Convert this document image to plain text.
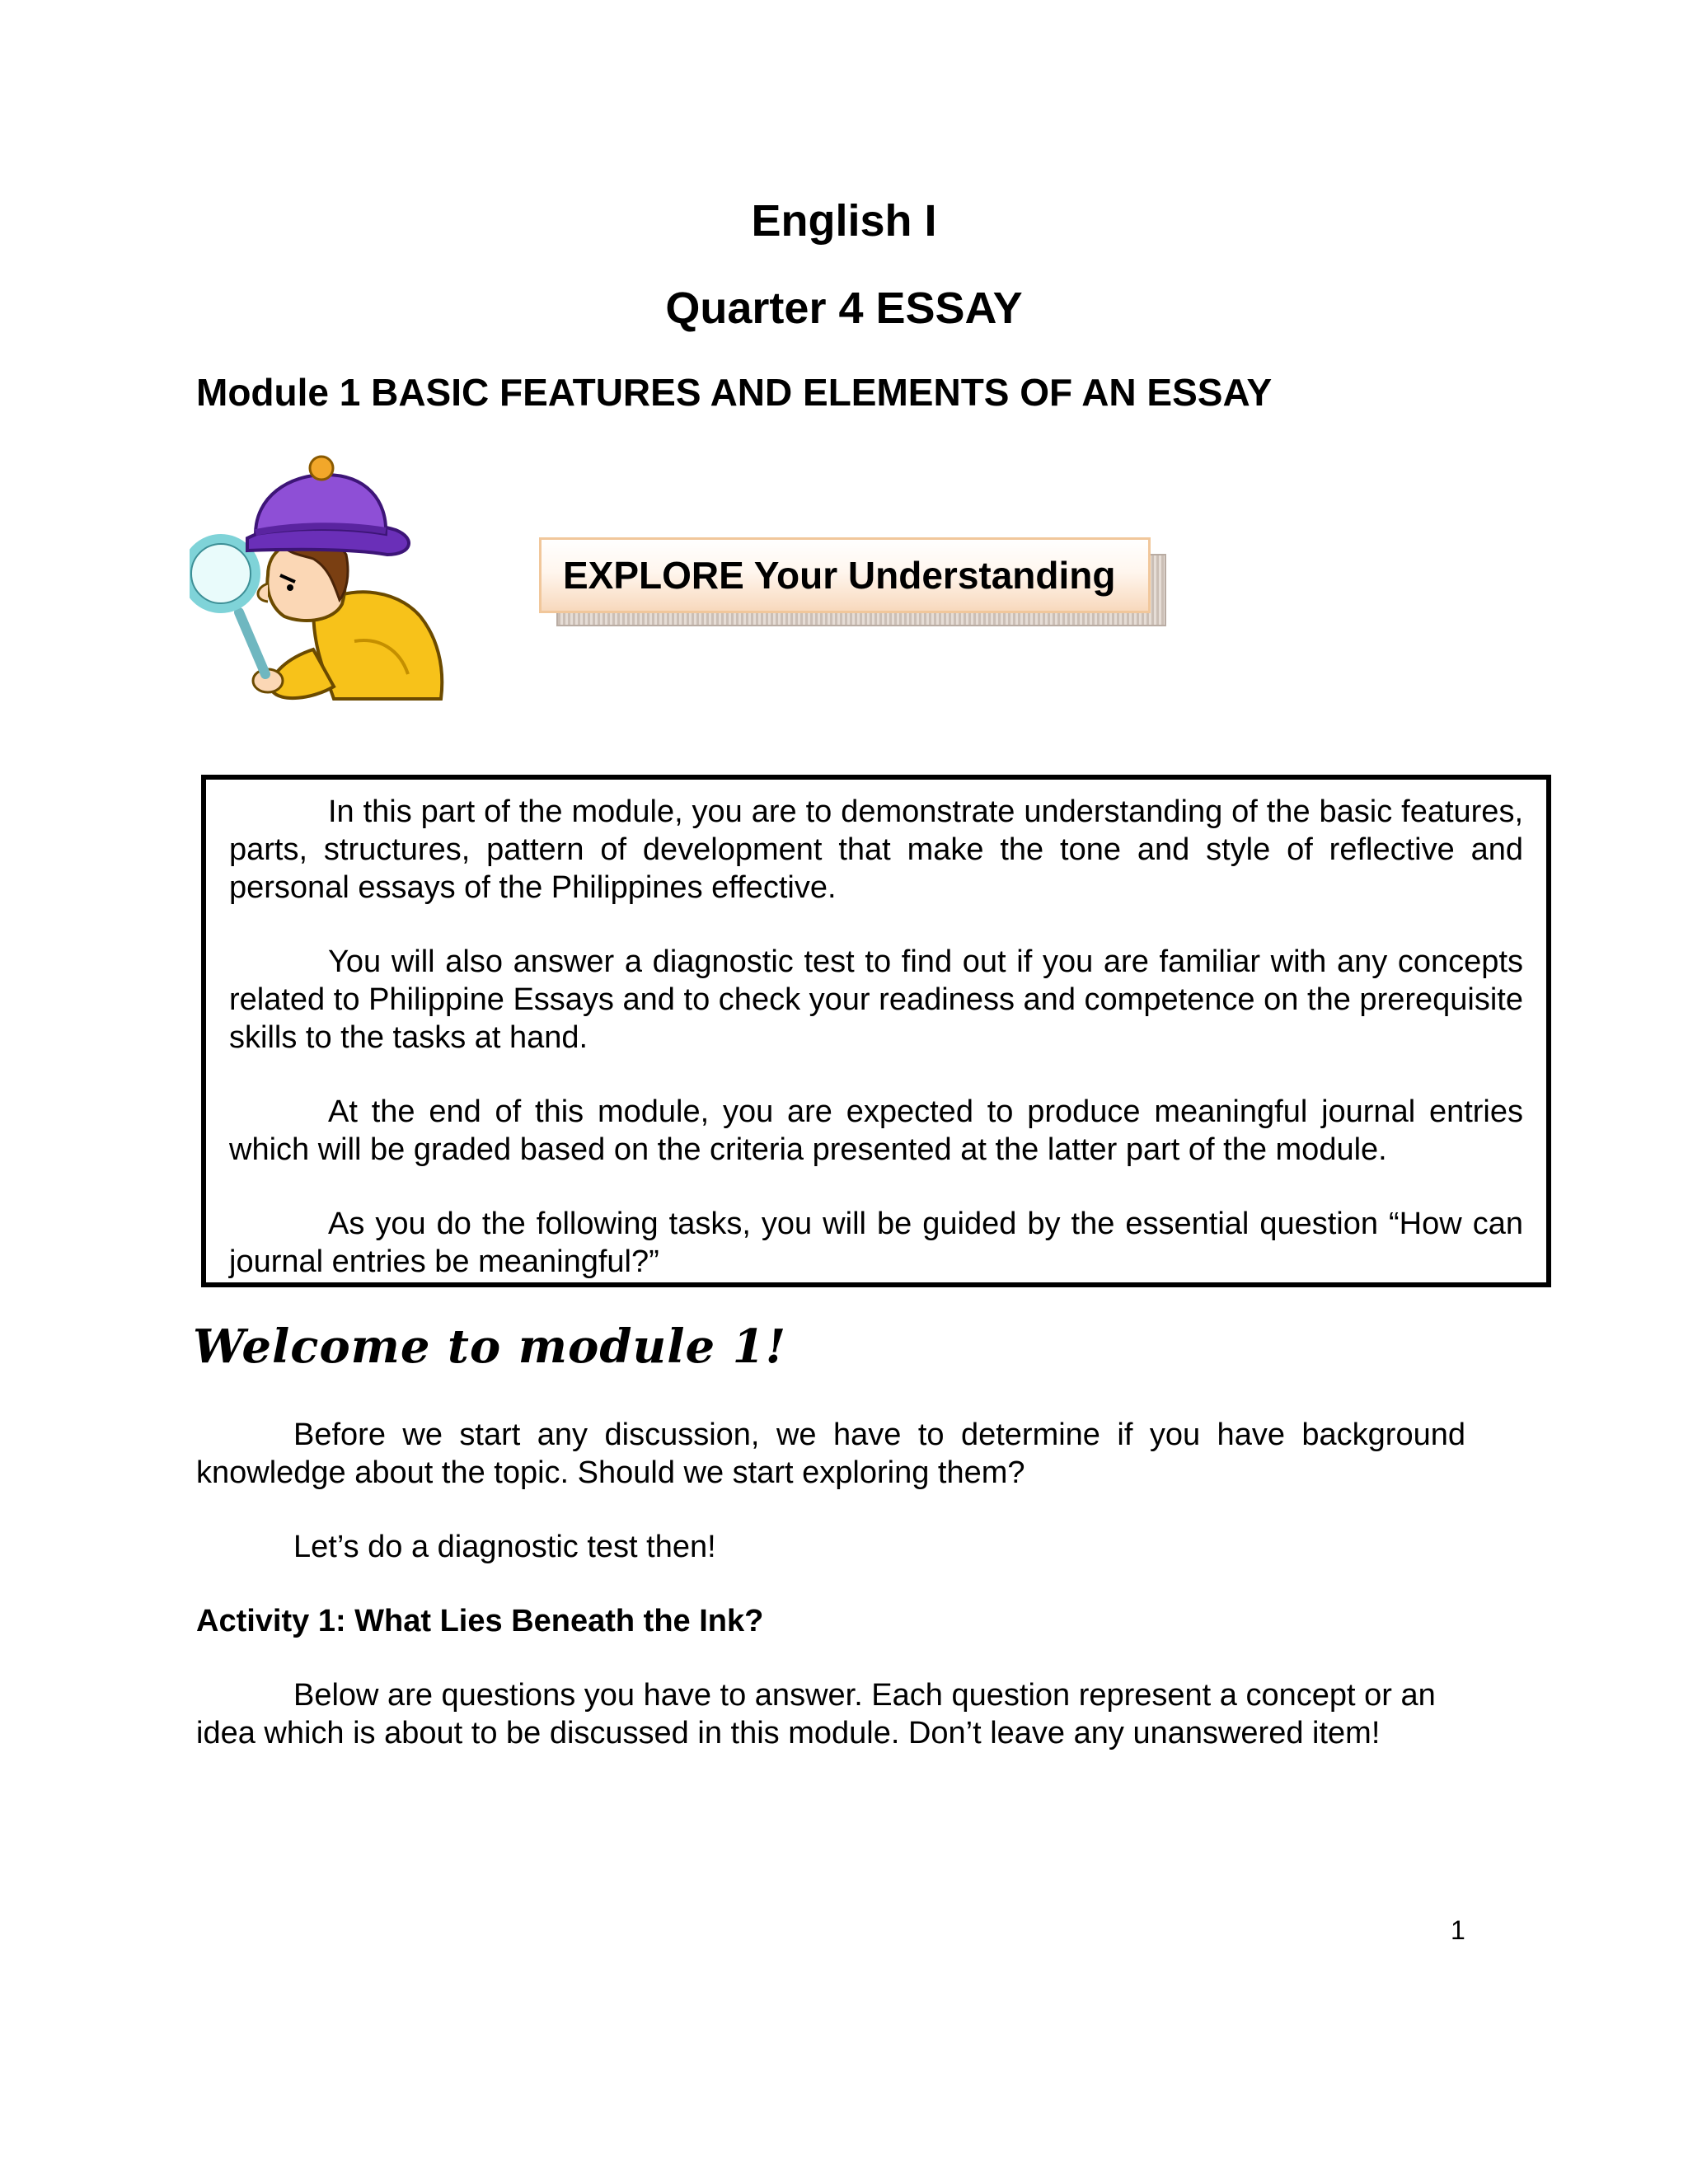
English I
Quarter 4 ESSAY
Module 1 BASIC FEATURES AND ELEMENTS OF AN ESSAY
EXPLORE Your Understanding

In this part of the module, you are to demonstrate understanding of the basic features, parts, structures, pattern of development that make the tone and style of reflective and personal essays of the Philippines effective.

You will also answer a diagnostic test to find out if you are familiar with any concepts related to Philippine Essays and to check your readiness and competence on the prerequisite skills to the tasks at hand.

At the end of this module, you are expected to produce meaningful journal entries which will be graded based on the criteria presented at the latter part of the module.

As you do the following tasks, you will be guided by the essential question “How can journal entries be meaningful?”

Welcome to module 1!

Before we start any discussion, we have to determine if you have background knowledge about the topic. Should we start exploring them?

Let’s do a diagnostic test then!

Activity 1: What Lies Beneath the Ink?

Below are questions you have to answer. Each question represent a concept or an idea which is about to be discussed in this module. Don’t leave any unanswered item!

1
